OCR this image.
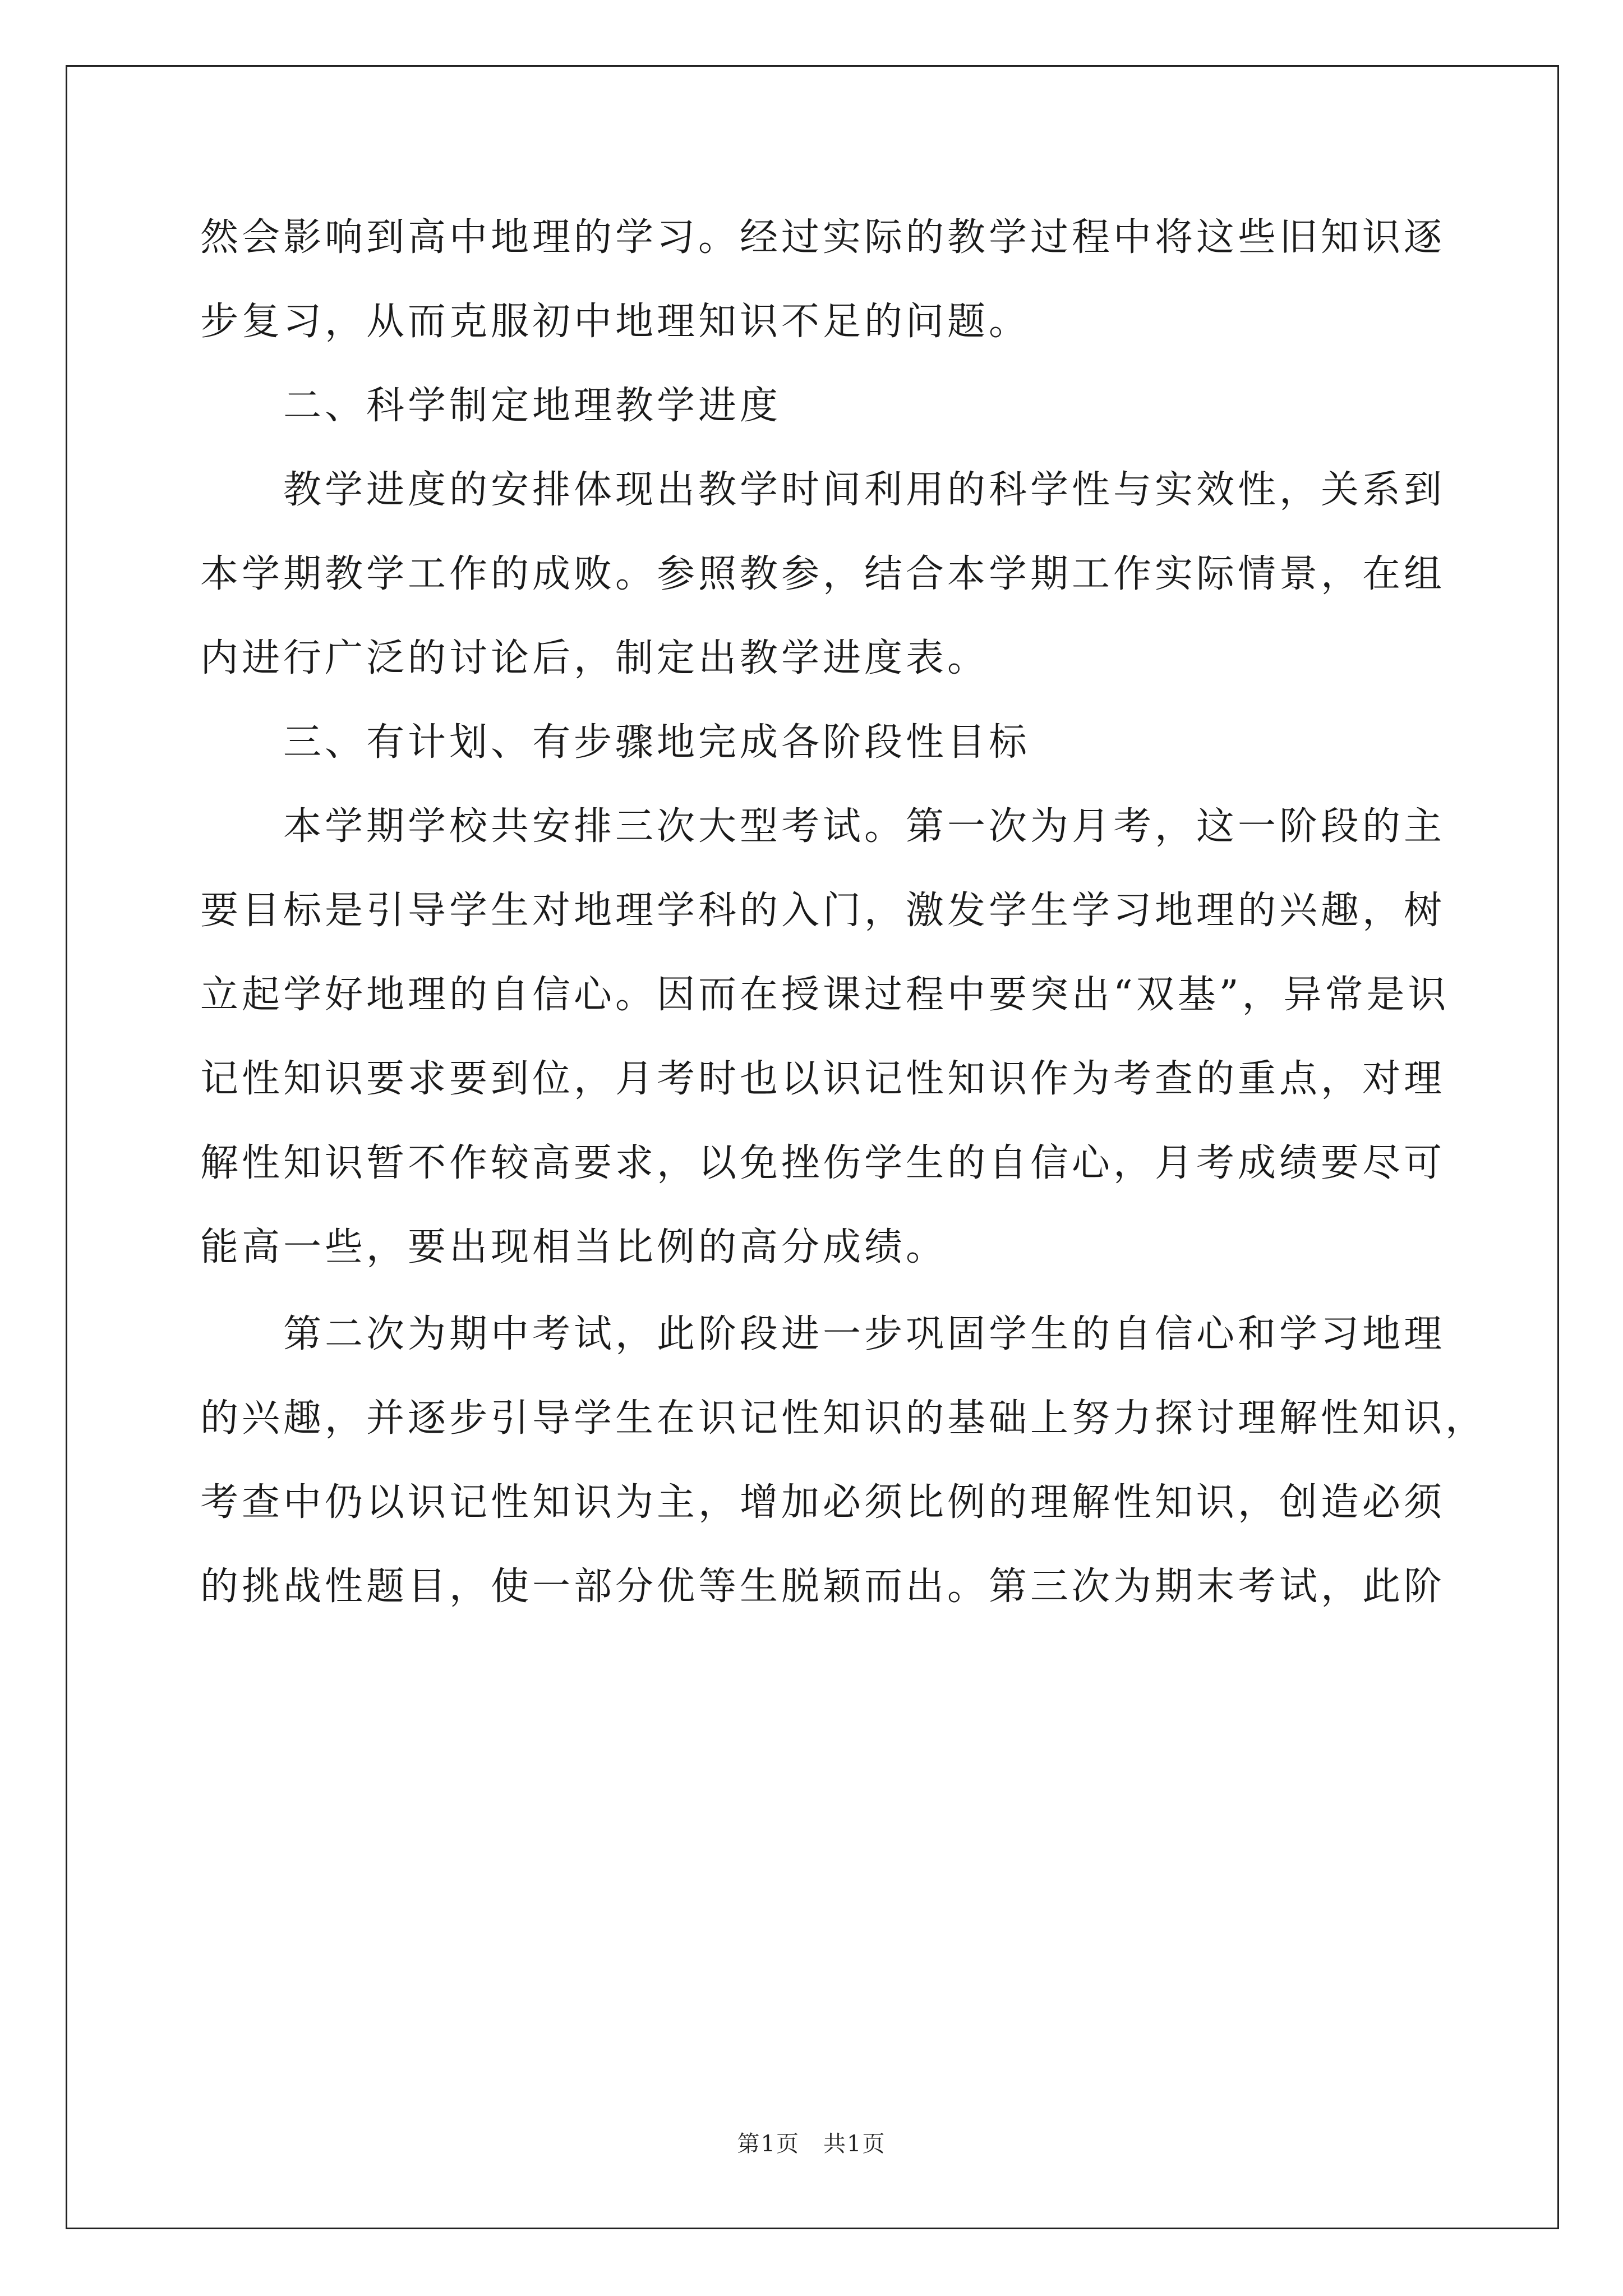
然会影响到高中地理的学习。经过实际的教学过程中将这些旧知识逐
步复习，从而克服初中地理知识不足的问题。
二、科学制定地理教学进度
教学进度的安排体现出教学时间利用的科学性与实效性，关系到
本学期教学工作的成败。参照教参，结合本学期工作实际情景，在组
内进行广泛的讨论后，制定出教学进度表。
三、有计划、有步骤地完成各阶段性目标
本学期学校共安排三次大型考试。第一次为月考，这一阶段的主
要目标是引导学生对地理学科的入门，激发学生学习地理的兴趣，树
立起学好地理的自信心。因而在授课过程中要突出“双基”，异常是识
记性知识要求要到位，月考时也以识记性知识作为考查的重点，对理
解性知识暂不作较高要求，以免挫伤学生的自信心，月考成绩要尽可
能高一些，要出现相当比例的高分成绩。
第二次为期中考试，此阶段进一步巩固学生的自信心和学习地理
的兴趣，并逐步引导学生在识记性知识的基础上努力探讨理解性知识，
考查中仍以识记性知识为主，增加必须比例的理解性知识，创造必须
的挑战性题目，使一部分优等生脱颖而出。第三次为期末考试，此阶
第1页　共1页
